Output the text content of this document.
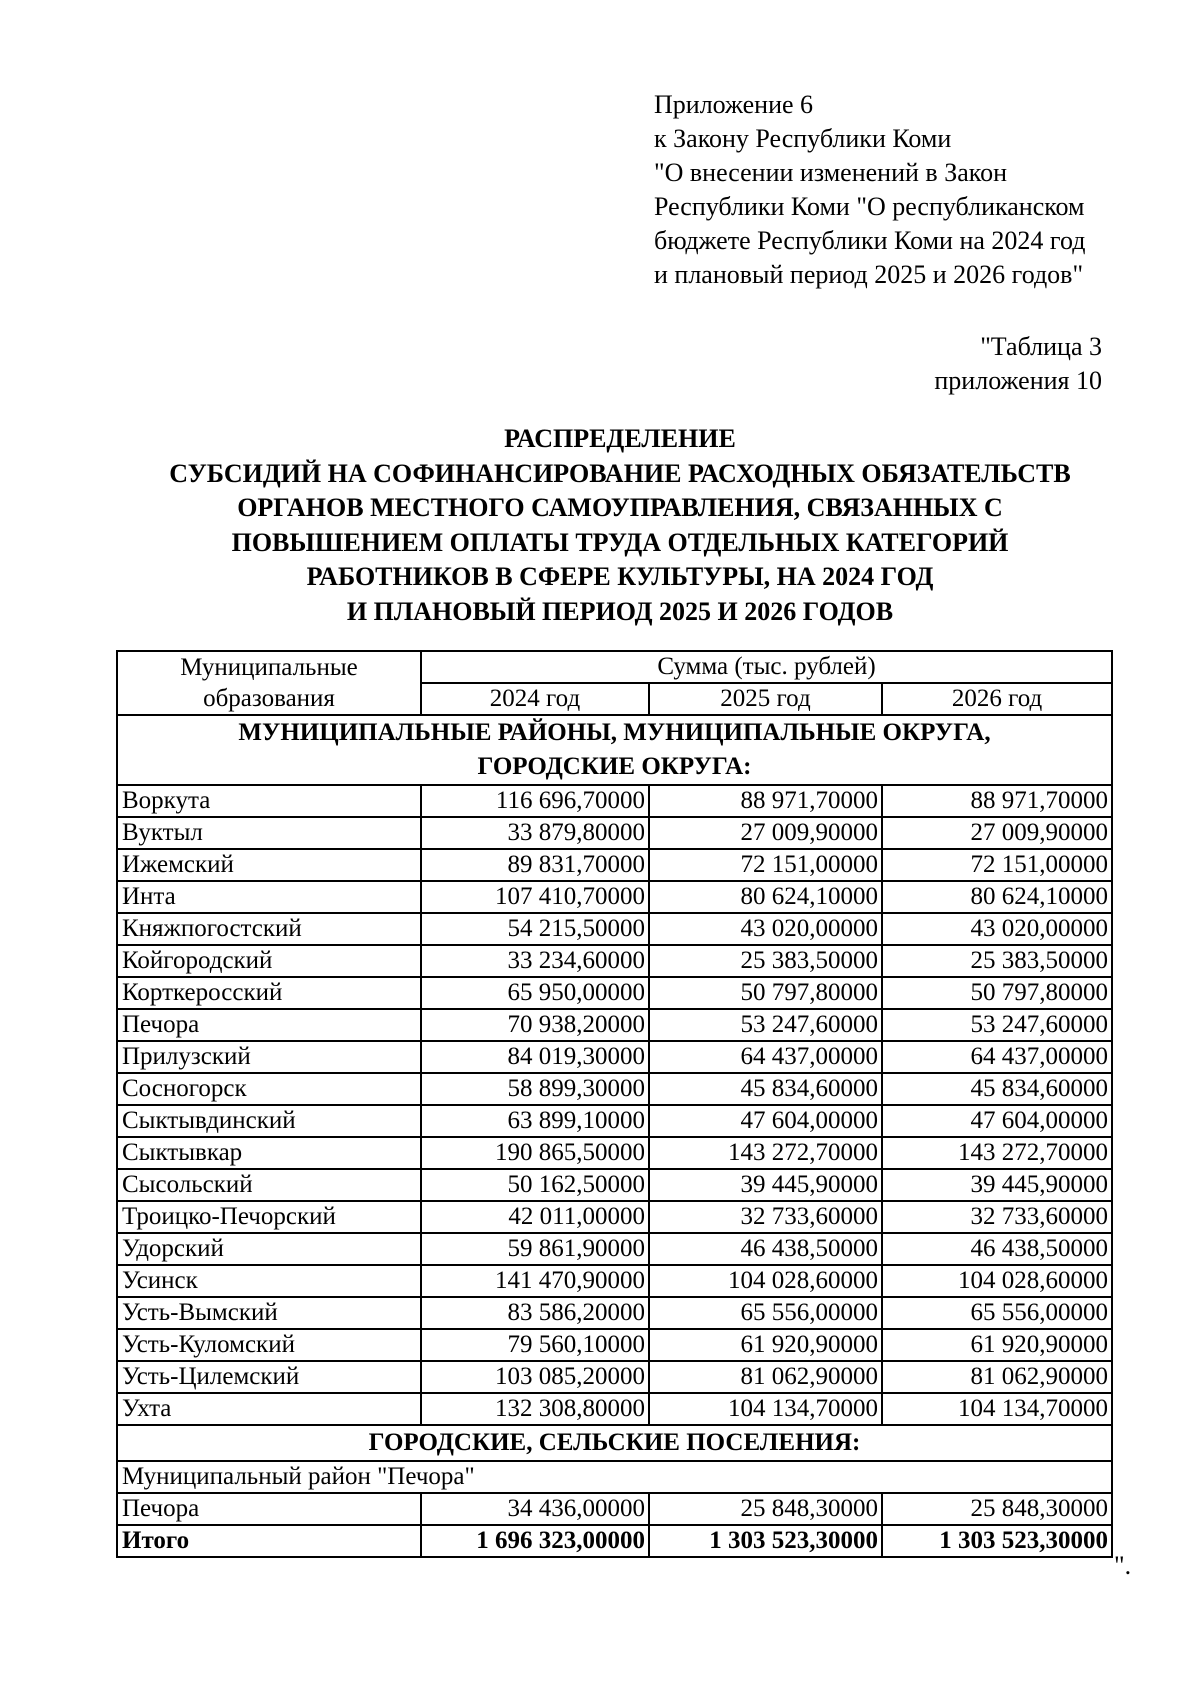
Приложение 6
к Закону Республики Коми
"О внесении изменений в Закон
Республики Коми "О республиканском
бюджете Республики Коми на 2024 год
и плановый период 2025 и 2026 годов"
"Таблица 3
приложения 10
РАСПРЕДЕЛЕНИЕ
СУБСИДИЙ НА СОФИНАНСИРОВАНИЕ РАСХОДНЫХ ОБЯЗАТЕЛЬСТВ
ОРГАНОВ МЕСТНОГО САМОУПРАВЛЕНИЯ, СВЯЗАННЫХ С
ПОВЫШЕНИЕМ ОПЛАТЫ ТРУДА ОТДЕЛЬНЫХ КАТЕГОРИЙ
РАБОТНИКОВ В СФЕРЕ КУЛЬТУРЫ, НА 2024 ГОД
И ПЛАНОВЫЙ ПЕРИОД 2025 И 2026 ГОДОВ
Муниципальные	Сумма (тыс. рублей)		
образования	2024 год	2025 год	2026 год

МУНИЦИПАЛЬНЫЕ РАЙОНЫ, МУНИЦИПАЛЬНЫЕ ОКРУГА,
ГОРОДСКИЕ ОКРУГА:			

Воркута	116 696,70000	88 971,70000	88 971,70000
Вуктыл	33 879,80000	27 009,90000	27 009,90000
Ижемский	89 831,70000	72 151,00000	72 151,00000
Инта	107 410,70000	80 624,10000	80 624,10000
Княжпогостский	54 215,50000	43 020,00000	43 020,00000
Койгородский	33 234,60000	25 383,50000	25 383,50000
Корткеросский	65 950,00000	50 797,80000	50 797,80000
Печора	70 938,20000	53 247,60000	53 247,60000
Прилузский	84 019,30000	64 437,00000	64 437,00000
Сосногорск	58 899,30000	45 834,60000	45 834,60000
Сыктывдинский	63 899,10000	47 604,00000	47 604,00000
Сыктывкар	190 865,50000	143 272,70000	143 272,70000
Сысольский	50 162,50000	39 445,90000	39 445,90000
Троицко-Печорский	42 011,00000	32 733,60000	32 733,60000
Удорский	59 861,90000	46 438,50000	46 438,50000
Усинск	141 470,90000	104 028,60000	104 028,60000
Усть-Вымский	83 586,20000	65 556,00000	65 556,00000
Усть-Куломский	79 560,10000	61 920,90000	61 920,90000
Усть-Цилемский	103 085,20000	81 062,90000	81 062,90000
Ухта	132 308,80000	104 134,70000	104 134,70000
ГОРОДСКИЕ, СЕЛЬСКИЕ ПОСЕЛЕНИЯ:			
Муниципальный район "Печора"			
Печора	34 436,00000	25 848,30000	25 848,30000
Итого	1 696 323,00000	1 303 523,30000	1 303 523,30000
".
